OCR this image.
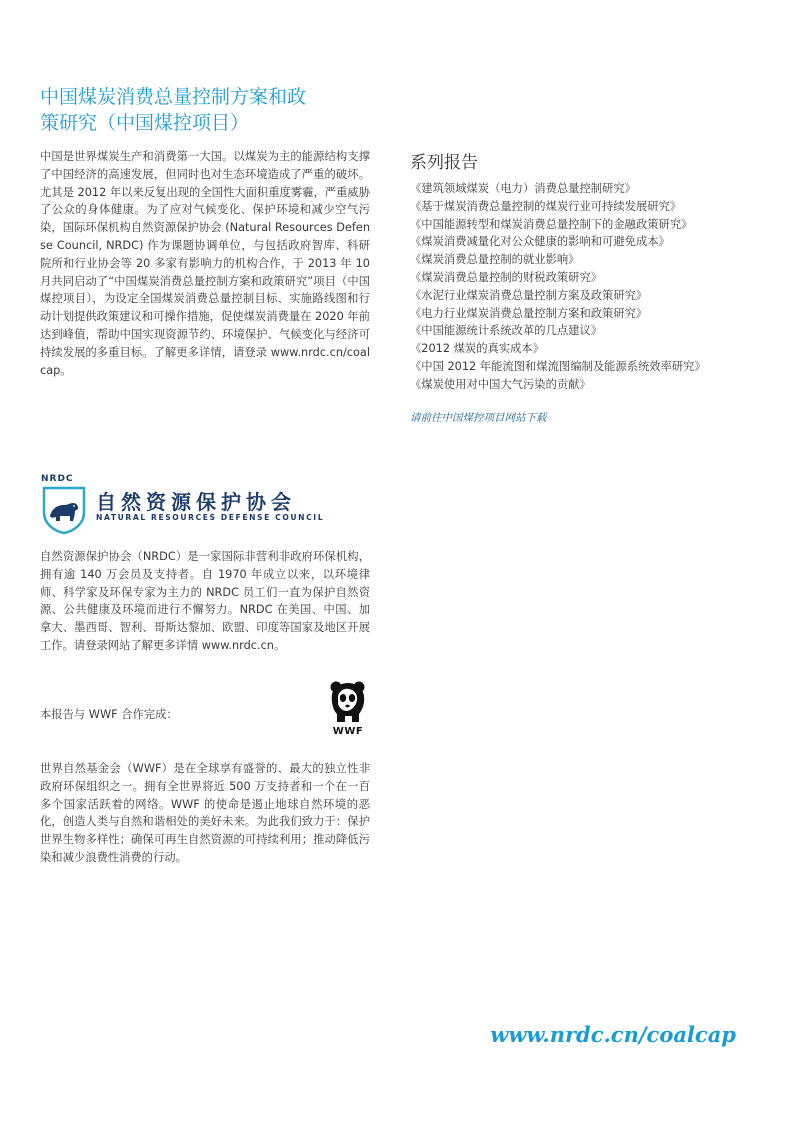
中国煤炭消费总量控制方案和政
策研究（中国煤控项目）
中国是世界煤炭生产和消费第一大国。以煤炭为主的能源结构支撑了中国经济的高速发展，但同时也对生态环境造成了严重的破坏。尤其是 2012 年以来反复出现的全国性大面积重度雾霾，严重威胁了公众的身体健康。为了应对气候变化、保护环境和减少空气污染，国际环保机构自然资源保护协会 (Natural Resources Defense Council, NRDC) 作为课题协调单位，与包括政府智库、科研院所和行业协会等 20 多家有影响力的机构合作，于 2013 年 10 月共同启动了“中国煤炭消费总量控制方案和政策研究”项目（中国煤控项目），为设定全国煤炭消费总量控制目标、实施路线图和行动计划提供政策建议和可操作措施，促使煤炭消费量在 2020 年前达到峰值，帮助中国实现资源节约、环境保护、气候变化与经济可持续发展的多重目标。了解更多详情，请登录 www.nrdc.cn/coalcap。
系列报告
《建筑领域煤炭（电力）消费总量控制研究》
《基于煤炭消费总量控制的煤炭行业可持续发展研究》
《中国能源转型和煤炭消费总量控制下的金融政策研究》
《煤炭消费减量化对公众健康的影响和可避免成本》
《煤炭消费总量控制的就业影响》
《煤炭消费总量控制的财税政策研究》
《水泥行业煤炭消费总量控制方案及政策研究》
《电力行业煤炭消费总量控制方案和政策研究》
《中国能源统计系统改革的几点建议》
《2012 煤炭的真实成本》
《中国 2012 年能流图和煤流图编制及能源系统效率研究》
《煤炭使用对中国大气污染的贡献》
请前往中国煤控项目网站下载
NRDC
自然资源保护协会
NATURAL RESOURCES DEFENSE COUNCIL
自然资源保护协会（NRDC）是一家国际非营利非政府环保机构，拥有逾 140 万会员及支持者。自 1970 年成立以来，以环境律师、科学家及环保专家为主力的 NRDC 员工们一直为保护自然资源、公共健康及环境而进行不懈努力。NRDC 在美国、中国、加拿大、墨西哥、智利、哥斯达黎加、欧盟、印度等国家及地区开展工作。请登录网站了解更多详情 www.nrdc.cn。
本报告与 WWF 合作完成：
WWF
世界自然基金会（WWF）是在全球享有盛誉的、最大的独立性非政府环保组织之一。拥有全世界将近 500 万支持者和一个在一百多个国家活跃着的网络。WWF 的使命是遏止地球自然环境的恶化，创造人类与自然和谐相处的美好未来。为此我们致力于：保护世界生物多样性；确保可再生自然资源的可持续利用；推动降低污染和减少浪费性消费的行动。
www.nrdc.cn/coalcap
